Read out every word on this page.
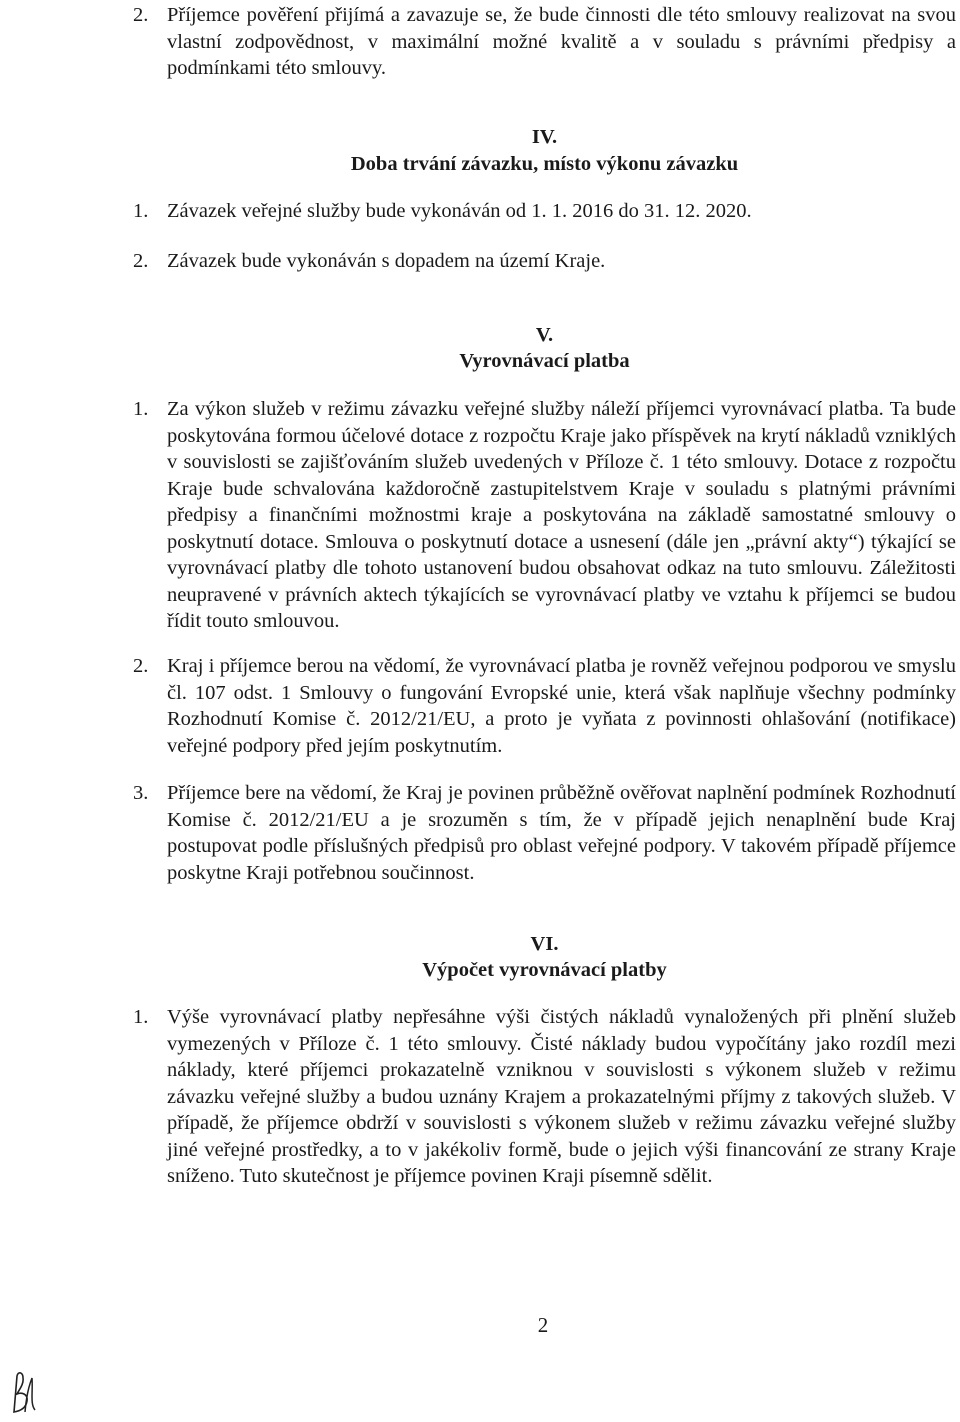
2. Příjemce pověření přijímá a zavazuje se, že bude činnosti dle této smlouvy realizovat na svou vlastní zodpovědnost, v maximální možné kvalitě a v souladu s právními předpisy a podmínkami této smlouvy.
IV.
Doba trvání závazku, místo výkonu závazku
1. Závazek veřejné služby bude vykonáván od 1. 1. 2016 do 31. 12. 2020.
2. Závazek bude vykonáván s dopadem na území Kraje.
V.
Vyrovnávací platba
1. Za výkon služeb v režimu závazku veřejné služby náleží příjemci vyrovnávací platba. Ta bude poskytována formou účelové dotace z rozpočtu Kraje jako příspěvek na krytí nákladů vzniklých v souvislosti se zajišťováním služeb uvedených v Příloze č. 1 této smlouvy. Dotace z rozpočtu Kraje bude schvalována každoročně zastupitelstvem Kraje v souladu s platnými právními předpisy a finančními možnostmi kraje a poskytována na základě samostatné smlouvy o poskytnutí dotace. Smlouva o poskytnutí dotace a usnesení (dále jen „právní akty“) týkající se vyrovnávací platby dle tohoto ustanovení budou obsahovat odkaz na tuto smlouvu. Záležitosti neupravené v právních aktech týkajících se vyrovnávací platby ve vztahu k příjemci se budou řídit touto smlouvou.
2. Kraj i příjemce berou na vědomí, že vyrovnávací platba je rovněž veřejnou podporou ve smyslu čl. 107 odst. 1 Smlouvy o fungování Evropské unie, která však naplňuje všechny podmínky Rozhodnutí Komise č. 2012/21/EU, a proto je vyňata z povinnosti ohlašování (notifikace) veřejné podpory před jejím poskytnutím.
3. Příjemce bere na vědomí, že Kraj je povinen průběžně ověřovat naplnění podmínek Rozhodnutí Komise č. 2012/21/EU a je srozuměn s tím, že v případě jejich nenaplnění bude Kraj postupovat podle příslušných předpisů pro oblast veřejné podpory. V takovém případě příjemce poskytne Kraji potřebnou součinnost.
VI.
Výpočet vyrovnávací platby
1. Výše vyrovnávací platby nepřesáhne výši čistých nákladů vynaložených při plnění služeb vymezených v Příloze č. 1 této smlouvy. Čisté náklady budou vypočítány jako rozdíl mezi náklady, které příjemci prokazatelně vzniknou v souvislosti s výkonem služeb v režimu závazku veřejné služby a budou uznány Krajem a prokazatelnými příjmy z takových služeb. V případě, že příjemce obdrží v souvislosti s výkonem služeb v režimu závazku veřejné služby jiné veřejné prostředky, a to v jakékoliv formě, bude o jejich výši financování ze strany Kraje sníženo. Tuto skutečnost je příjemce povinen Kraji písemně sdělit.
2
